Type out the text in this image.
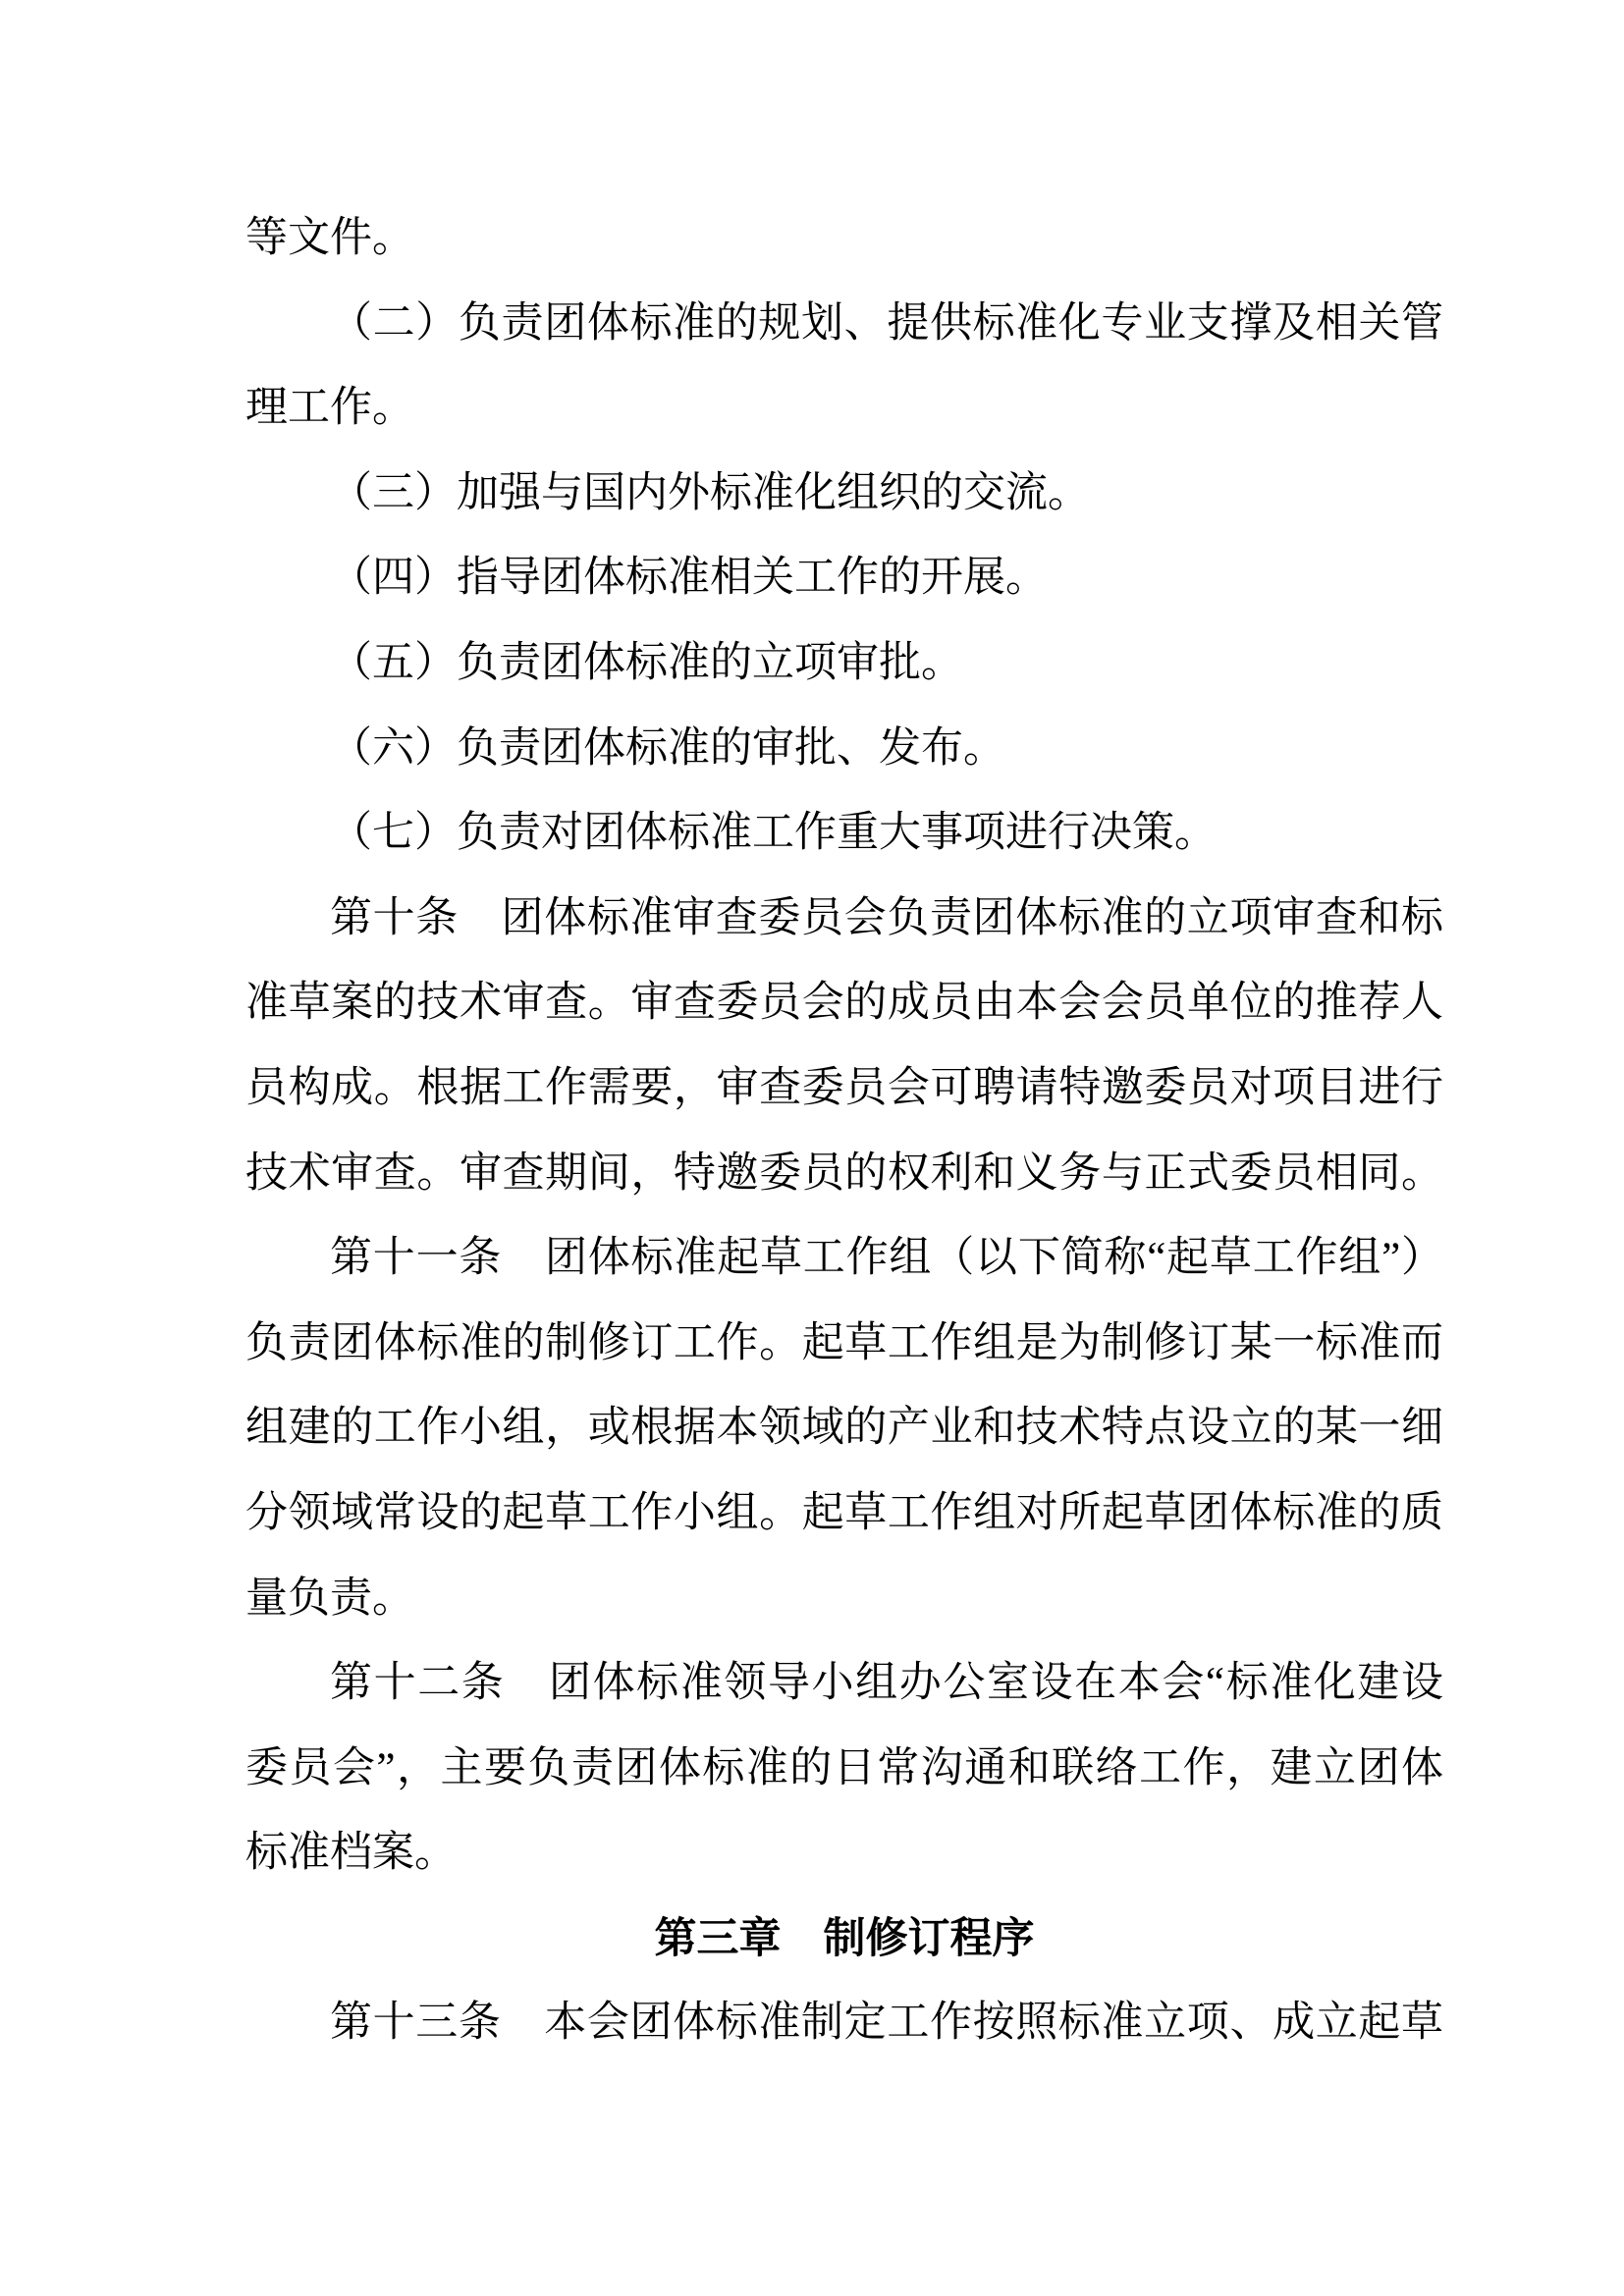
等文件。

（二）负责团体标准的规划、提供标准化专业支撑及相关管

理工作。

（三）加强与国内外标准化组织的交流。

（四）指导团体标准相关工作的开展。

（五）负责团体标准的立项审批。

（六）负责团体标准的审批、发布。

（七）负责对团体标准工作重大事项进行决策。

第十条　团体标准审查委员会负责团体标准的立项审查和标

准草案的技术审查。审查委员会的成员由本会会员单位的推荐人

员构成。根据工作需要，审查委员会可聘请特邀委员对项目进行

技术审查。审查期间，特邀委员的权利和义务与正式委员相同。

第十一条　团体标准起草工作组（以下简称“起草工作组”）

负责团体标准的制修订工作。起草工作组是为制修订某一标准而

组建的工作小组，或根据本领域的产业和技术特点设立的某一细

分领域常设的起草工作小组。起草工作组对所起草团体标准的质

量负责。

第十二条　团体标准领导小组办公室设在本会“标准化建设

委员会”，主要负责团体标准的日常沟通和联络工作，建立团体

标准档案。

第三章　制修订程序

第十三条　本会团体标准制定工作按照标准立项、成立起草
